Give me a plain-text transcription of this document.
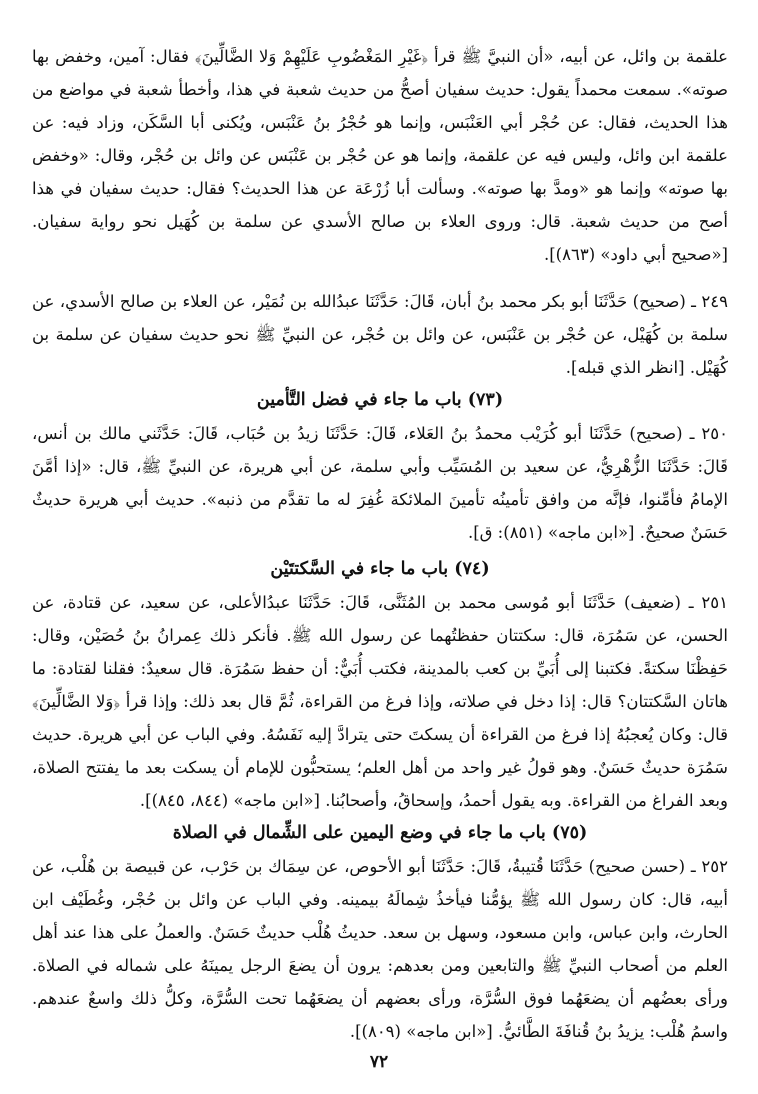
علقمة بن وائل، عن أبيه، «أن النبيَّ ﷺ قرأ ﴿غَيْرِ المَغْضُوبِ عَلَيْهِمْ وَلا الضَّالِّينَ﴾ فقال: آمين، وخفض بها صوته». سمعت محمداً يقول: حديث سفيان أصحُّ من حديث شعبة في هذا، وأخطأ شعبة في مواضع من هذا الحديث، فقال: عن حُجْر أبي العَنْبَس، وإنما هو حُجْرُ بنُ عَنْبَس، ويُكنى أبا السَّكَن، وزاد فيه: عن علقمة ابن وائل، وليس فيه عن علقمة، وإنما هو عن حُجْر بن عَنْبَس عن وائل بن حُجْر، وقال: «وخفض بها صوته» وإنما هو «ومدَّ بها صوته». وسألت أبا زُرْعَة عن هذا الحديث؟ فقال: حديث سفيان في هذا أصح من حديث شعبة. قال: وروى العلاء بن صالح الأسدي عن سلمة بن كُهَيل نحو رواية سفيان. [«صحيح أبي داود» (٨٦٣)].

٢٤٩ ـ (صحيح) حَدَّثَنَا أبو بكر محمد بنُ أبان، قَالَ: حَدَّثَنَا عبدُالله بن نُمَيْر، عن العلاء بن صالح الأسدي، عن سلمة بن كُهَيْل، عن حُجْر بن عَنْبَس، عن وائل بن حُجْر، عن النبيِّ ﷺ نحو حديث سفيان عن سلمة بن كُهَيْل. [انظر الذي قبله].

(٧٣) باب ما جاء في فضل التَّأمين

٢٥٠ ـ (صحيح) حَدَّثَنَا أبو كُرَيْب محمدُ بنُ العَلاء، قَالَ: حَدَّثَنَا زيدُ بن حُبَاب، قَالَ: حَدَّثَني مالك بن أنس، قَالَ: حَدَّثَنَا الزُّهْرِيُّ، عن سعيد بن المُسَيِّب وأبي سلمة، عن أبي هريرة، عن النبيِّ ﷺ، قال: «إذا أمَّنَ الإمامُ فأمِّنوا، فإنَّه من وافق تأمينُه تأمينَ الملائكة غُفِرَ له ما تقدَّم من ذنبه». حديث أبي هريرة حديثٌ حَسَنٌ صحيحٌ. [«ابن ماجه» (٨٥١): ق].

(٧٤) باب ما جاء في السَّكتتَيْن

٢٥١ ـ (ضعيف) حَدَّثَنَا أبو مُوسى محمد بن المُثَنَّى، قَالَ: حَدَّثَنَا عبدُالأعلى، عن سعيد، عن قتادة، عن الحسن، عن سَمُرَة، قال: سكتتان حفظتُهما عن رسول الله ﷺ. فأنكر ذلك عِمرانُ بنُ حُصَيْن، وقال: حَفِظْنَا سكتةً. فكتبنا إلى أُبَيِّ بن كعب بالمدينة، فكتب أُبَيٌّ: أن حفظ سَمُرَة. قال سعيدٌ: فقلنا لقتادة: ما هاتان السَّكتتان؟ قال: إذا دخل في صلاته، وإذا فرغ من القراءة، ثُمَّ قال بعد ذلك: وإذا قرأ ﴿وَلا الضَّالِّينَ﴾ قال: وكان يُعجبُهُ إذا فرغ من القراءة أن يسكتَ حتى يترادَّ إليه نَفَسُهُ. وفي الباب عن أبي هريرة. حديث سَمُرَة حديثٌ حَسَنٌ. وهو قولُ غير واحد من أهل العلم؛ يستحبُّون للإمام أن يسكت بعد ما يفتتح الصلاة، وبعد الفراغ من القراءة. وبه يقول أحمدُ، وإسحاقُ، وأصحابُنا. [«ابن ماجه» (٨٤٤، ٨٤٥)].

(٧٥) باب ما جاء في وضع اليمين على الشِّمال في الصلاة

٢٥٢ ـ (حسن صحيح) حَدَّثَنَا قُتيبةُ، قَالَ: حَدَّثَنَا أبو الأحوص، عن سِمَاك بن حَرْب، عن قبيصة بن هُلْب، عن أبيه، قال: كان رسول الله ﷺ يؤمُّنا فيأخذُ شِمالَهُ بيمينه. وفي الباب عن وائل بن حُجْر، وغُطَيْف ابن الحارث، وابن عباس، وابن مسعود، وسهل بن سعد. حديثُ هُلْب حديثٌ حَسَنٌ. والعملُ على هذا عند أهل العلم من أصحاب النبيِّ ﷺ والتابعين ومن بعدهم: يرون أن يضعَ الرجل يمينَهُ على شماله في الصلاة. ورأى بعضُهم أن يضعَهُما فوق السُّرَّة، ورأى بعضهم أن يضعَهُما تحت السُّرَّة، وكلُّ ذلك واسعٌ عندهم. واسمُ هُلْب: يزيدُ بنُ قُنافَةَ الطَّائيُّ. [«ابن ماجه» (٨٠٩)].

٧٢
